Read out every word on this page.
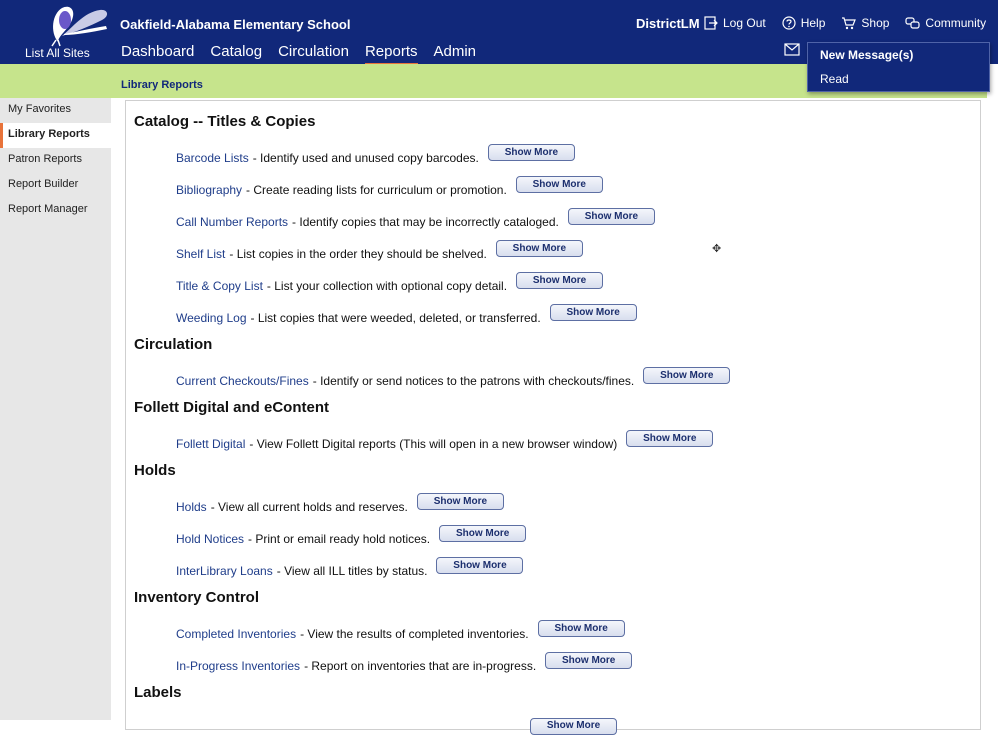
List All Sites
Oakfield-Alabama Elementary School
Dashboard Catalog Circulation Reports Admin
DistrictLM Log Out	Help	Shop	Community
New Message(s)
Read
Library Reports
My Favorites
Library Reports
Patron Reports
Report Builder
Report Manager
Catalog -- Titles & Copies
Barcode Lists - Identify used and unused copy barcodes.	Show More
Bibliography - Create reading lists for curriculum or promotion.	Show More
Call Number Reports - Identify copies that may be incorrectly cataloged.	Show More
Shelf List - List copies in the order they should be shelved.	Show More
Title & Copy List - List your collection with optional copy detail.	Show More
Weeding Log - List copies that were weeded, deleted, or transferred.	Show More
Circulation
Current Checkouts/Fines - Identify or send notices to the patrons with checkouts/fines.	Show More
Follett Digital and eContent
Follett Digital - View Follett Digital reports (This will open in a new browser window)	Show More
Holds
Holds - View all current holds and reserves.	Show More
Hold Notices - Print or email ready hold notices.	Show More
InterLibrary Loans - View all ILL titles by status.	Show More
Inventory Control
Completed Inventories - View the results of completed inventories.	Show More
In-Progress Inventories - Report on inventories that are in-progress.	Show More
Labels
Show More
✥
